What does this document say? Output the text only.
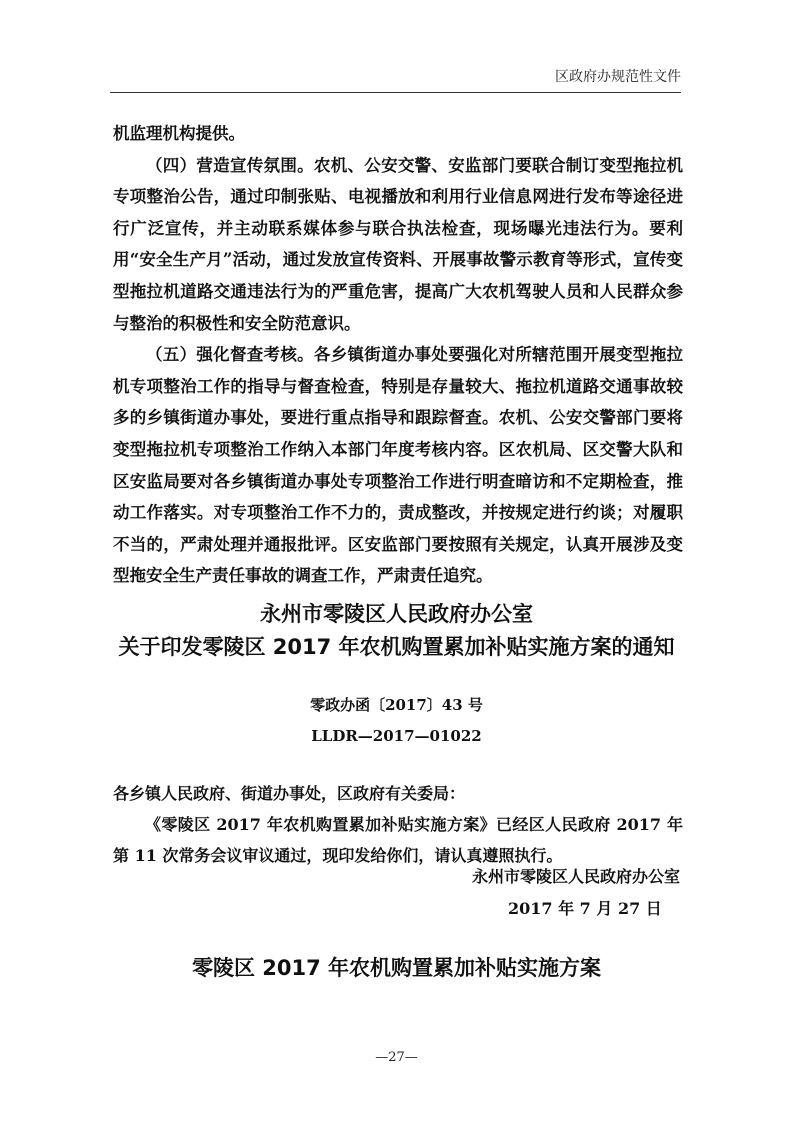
区政府办规范性文件

机监理机构提供。

（四）营造宣传氛围。农机、公安交警、安监部门要联合制订变型拖拉机专项整治公告，通过印制张贴、电视播放和利用行业信息网进行发布等途径进行广泛宣传，并主动联系媒体参与联合执法检查，现场曝光违法行为。要利用“安全生产月”活动，通过发放宣传资料、开展事故警示教育等形式，宣传变型拖拉机道路交通违法行为的严重危害，提高广大农机驾驶人员和人民群众参与整治的积极性和安全防范意识。

（五）强化督查考核。各乡镇街道办事处要强化对所辖范围开展变型拖拉机专项整治工作的指导与督查检查，特别是存量较大、拖拉机道路交通事故较多的乡镇街道办事处，要进行重点指导和跟踪督查。农机、公安交警部门要将变型拖拉机专项整治工作纳入本部门年度考核内容。区农机局、区交警大队和区安监局要对各乡镇街道办事处专项整治工作进行明查暗访和不定期检查，推动工作落实。对专项整治工作不力的，责成整改，并按规定进行约谈；对履职不当的，严肃处理并通报批评。区安监部门要按照有关规定，认真开展涉及变型拖安全生产责任事故的调查工作，严肃责任追究。

永州市零陵区人民政府办公室
关于印发零陵区 2017 年农机购置累加补贴实施方案的通知
零政办函〔2017〕43 号
LLDR—2017—01022

各乡镇人民政府、街道办事处，区政府有关委局：

《零陵区 2017 年农机购置累加补贴实施方案》已经区人民政府 2017 年第 11 次常务会议审议通过，现印发给你们，请认真遵照执行。

永州市零陵区人民政府办公室
2017 年 7 月 27 日
零陵区 2017 年农机购置累加补贴实施方案
—27—
